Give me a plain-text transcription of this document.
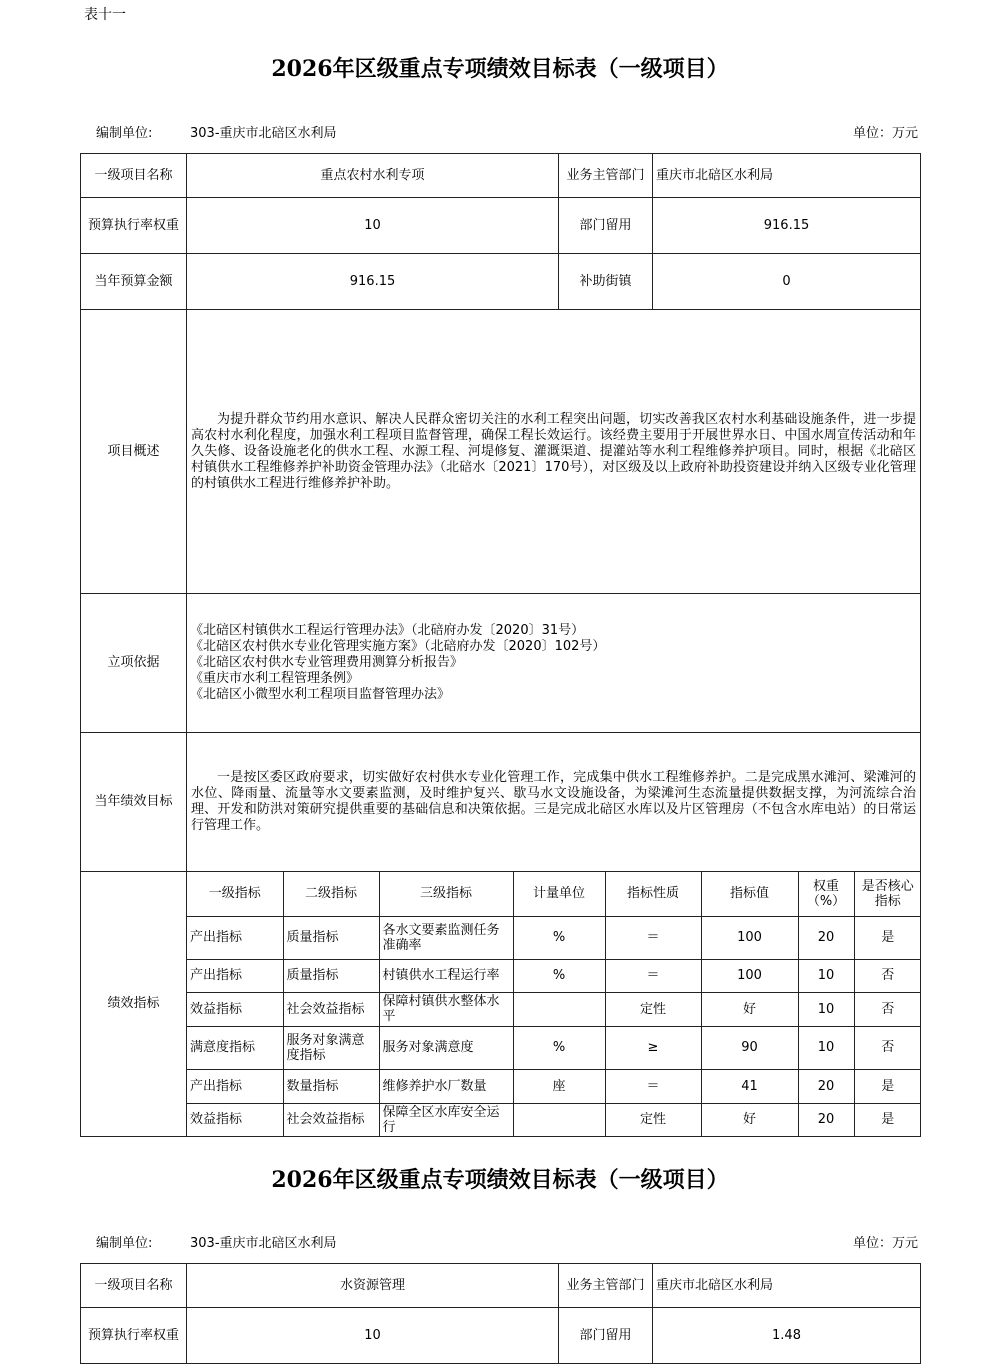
表十一
2026年区级重点专项绩效目标表（一级项目）
编制单位:	303-重庆市北碚区水利局	单位：万元
一级项目名称	重点农村水利专项	业务主管部门	重庆市北碚区水利局
预算执行率权重	10	部门留用	916.15
当年预算金额	916.15	补助街镇	0
项目概述	为提升群众节约用水意识、解决人民群众密切关注的水利工程突出问题，切实改善我区农村水利基础设施条件，进一步提高农村水利化程度，加强水利工程项目监督管理，确保工程长效运行。该经费主要用于开展世界水日、中国水周宣传活动和年久失修、设备设施老化的供水工程、水源工程、河堤修复、灌溉渠道、提灌站等水利工程维修养护项目。同时，根据《北碚区村镇供水工程维修养护补助资金管理办法》（北碚水〔2021〕170号），对区级及以上政府补助投资建设并纳入区级专业化管理的村镇供水工程进行维修养护补助。
立项依据	
《北碚区村镇供水工程运行管理办法》（北碚府办发〔2020〕31号）
《北碚区农村供水专业化管理实施方案》（北碚府办发〔2020〕102号）
《北碚区农村供水专业管理费用测算分析报告》
《重庆市水利工程管理条例》
《北碚区小微型水利工程项目监督管理办法》

当年绩效目标	一是按区委区政府要求，切实做好农村供水专业化管理工作，完成集中供水工程维修养护。二是完成黑水滩河、梁滩河的水位、降雨量、流量等水文要素监测，及时维护复兴、歇马水文设施设备，为梁滩河生态流量提供数据支撑，为河流综合治理、开发和防洪对策研究提供重要的基础信息和决策依据。三是完成北碚区水库以及片区管理房（不包含水库电站）的日常运行管理工作。
绩效指标	
一级指标	二级指标	三级指标	计量单位	指标性质	指标值	权重（%）	是否核心指标
产出指标	质量指标	各水文要素监测任务准确率	%	＝	100	20	是
产出指标	质量指标	村镇供水工程运行率	%	＝	100	10	否
效益指标	社会效益指标	保障村镇供水整体水平		定性	好	10	否
满意度指标	服务对象满意度指标	服务对象满意度	%	≥	90	10	否
产出指标	数量指标	维修养护水厂数量	座	＝	41	20	是
效益指标	社会效益指标	保障全区水库安全运行		定性	好	20	是
2026年区级重点专项绩效目标表（一级项目）
编制单位:	303-重庆市北碚区水利局	单位：万元
一级项目名称	水资源管理	业务主管部门	重庆市北碚区水利局
预算执行率权重	10	部门留用	1.48
